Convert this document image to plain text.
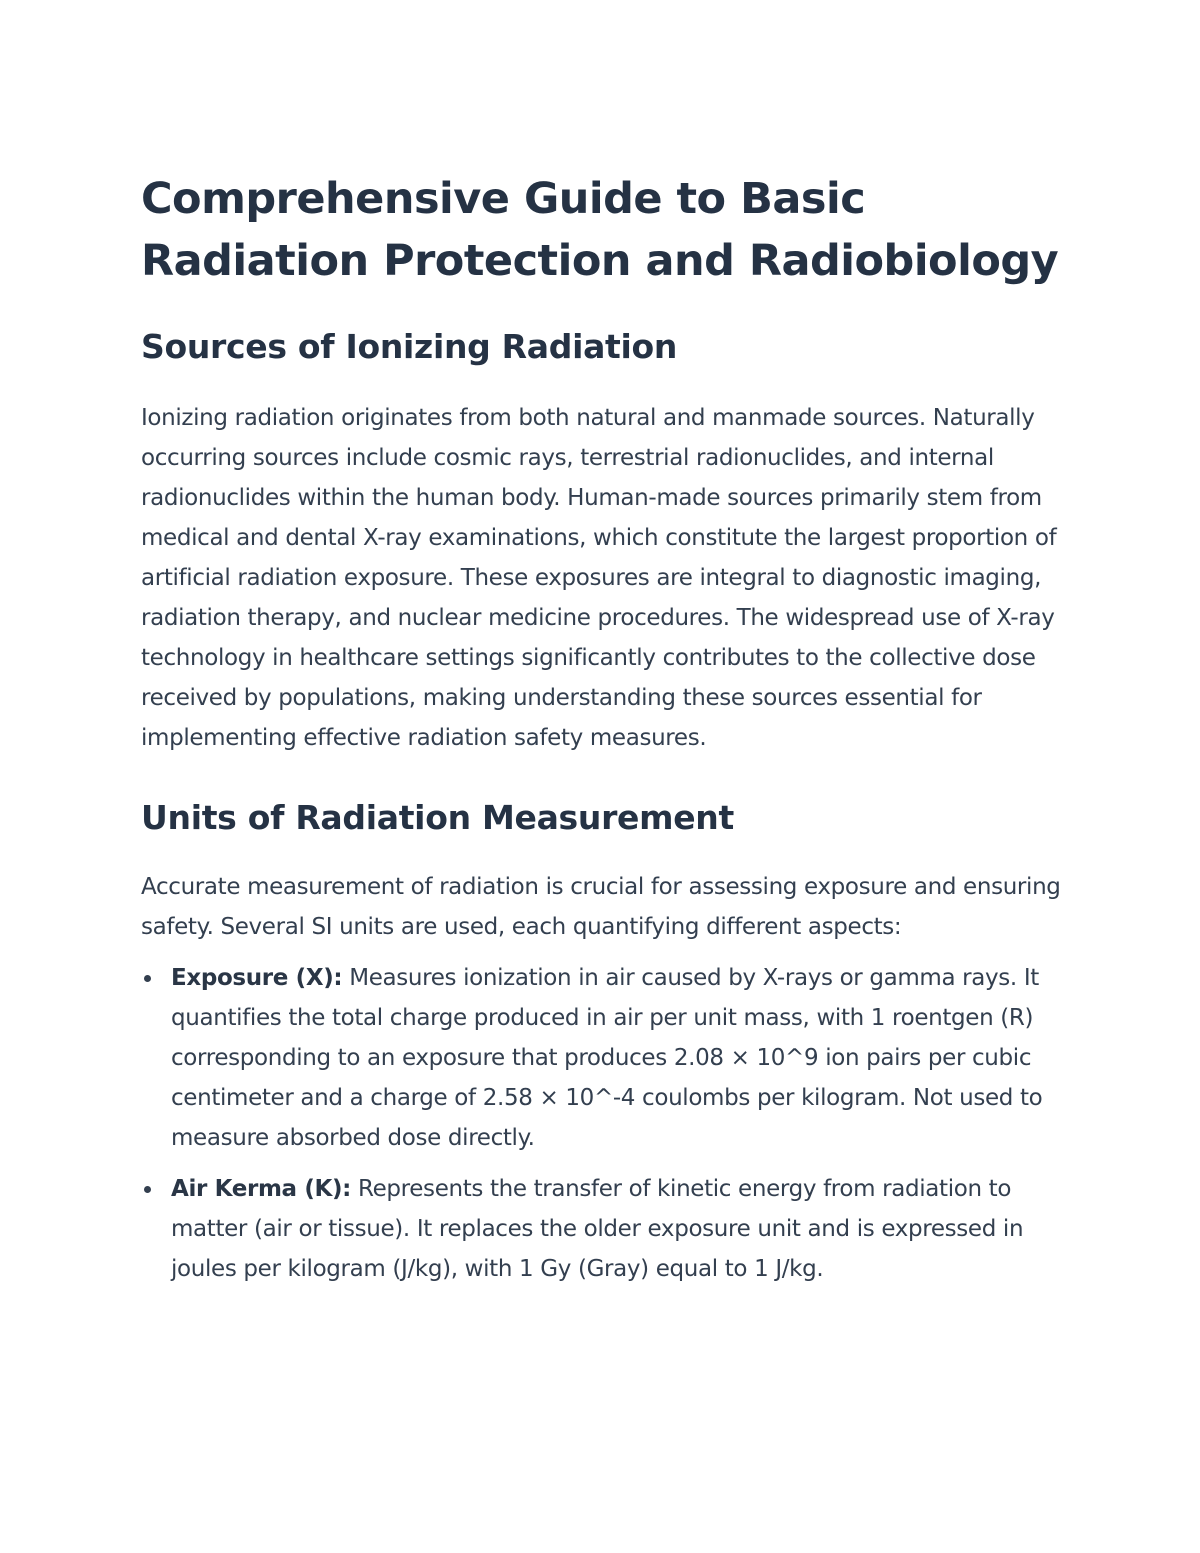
Comprehensive Guide to Basic Radiation Protection and Radiobiology
Sources of Ionizing Radiation

Ionizing radiation originates from both natural and manmade sources. Naturally occurring sources include cosmic rays, terrestrial radionuclides, and internal radionuclides within the human body. Human-made sources primarily stem from medical and dental X-ray examinations, which constitute the largest proportion of artificial radiation exposure. These exposures are integral to diagnostic imaging, radiation therapy, and nuclear medicine procedures. The widespread use of X-ray technology in healthcare settings significantly contributes to the collective dose received by populations, making understanding these sources essential for implementing effective radiation safety measures.

Units of Radiation Measurement

Accurate measurement of radiation is crucial for assessing exposure and ensuring safety. Several SI units are used, each quantifying different aspects:

Exposure (X): Measures ionization in air caused by X-rays or gamma rays. It quantifies the total charge produced in air per unit mass, with 1 roentgen (R) corresponding to an exposure that produces 2.08 × 10^9 ion pairs per cubic centimeter and a charge of 2.58 × 10^-4 coulombs per kilogram. Not used to measure absorbed dose directly.
Air Kerma (K): Represents the transfer of kinetic energy from radiation to matter (air or tissue). It replaces the older exposure unit and is expressed in joules per kilogram (J/kg), with 1 Gy (Gray) equal to 1 J/kg.
